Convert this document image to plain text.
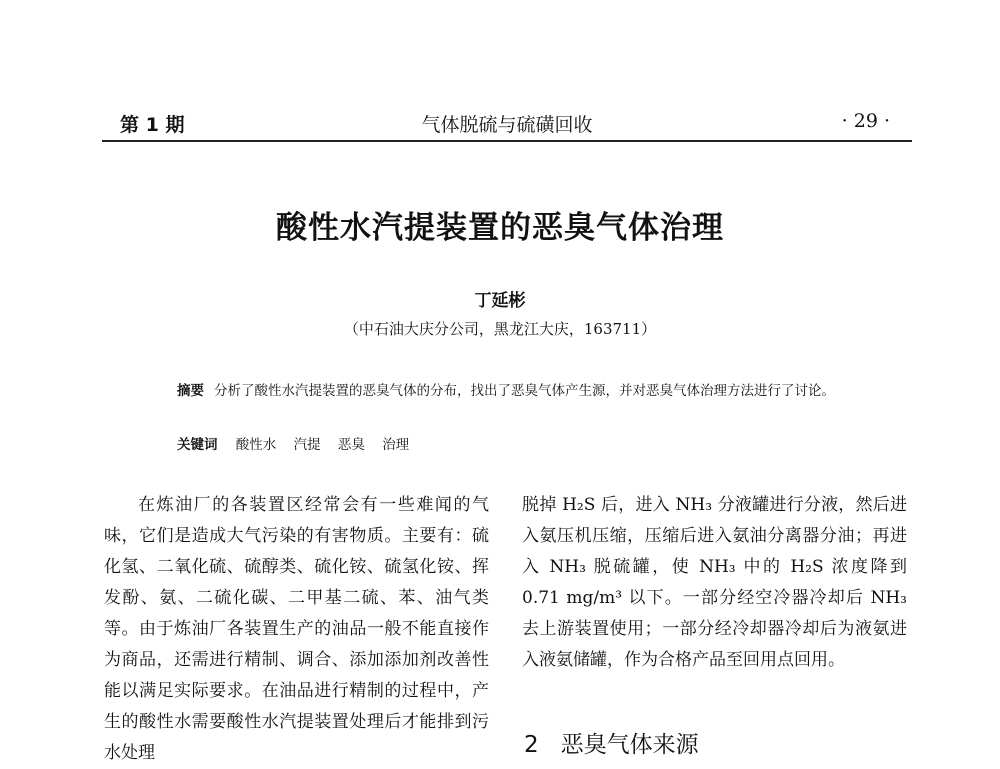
气体脱硫与硫磺回收
第 1 期	· 29 ·
酸性水汽提装置的恶臭气体治理
丁延彬
（中石油大庆分公司，黑龙江大庆，163711）
摘要 分析了酸性水汽提装置的恶臭气体的分布，找出了恶臭气体产生源，并对恶臭气体治理方法进行了讨论。
关键词 酸性水 汽提 恶臭 治理
在炼油厂的各装置区经常会有一些难闻的气味，它们是造成大气污染的有害物质。主要有：硫化氢、二氧化硫、硫醇类、硫化铵、硫氢化铵、挥发酚、氨、二硫化碳、二甲基二硫、苯、油气类等。由于炼油厂各装置生产的油品一般不能直接作为商品，还需进行精制、调合、添加添加剂改善性能以满足实际要求。在油品进行精制的过程中，产生的酸性水需要酸性水汽提装置处理后才能排到污水处理
脱掉 H₂S 后，进入 NH₃ 分液罐进行分液，然后进入氨压机压缩，压缩后进入氨油分离器分油；再进入 NH₃ 脱硫罐，使 NH₃ 中的 H₂S 浓度降到 0.71 mg/m³ 以下。一部分经空冷器冷却后 NH₃ 去上游装置使用；一部分经冷却器冷却后为液氨进入液氨储罐，作为合格产品至回用点回用。
2 恶臭气体来源
